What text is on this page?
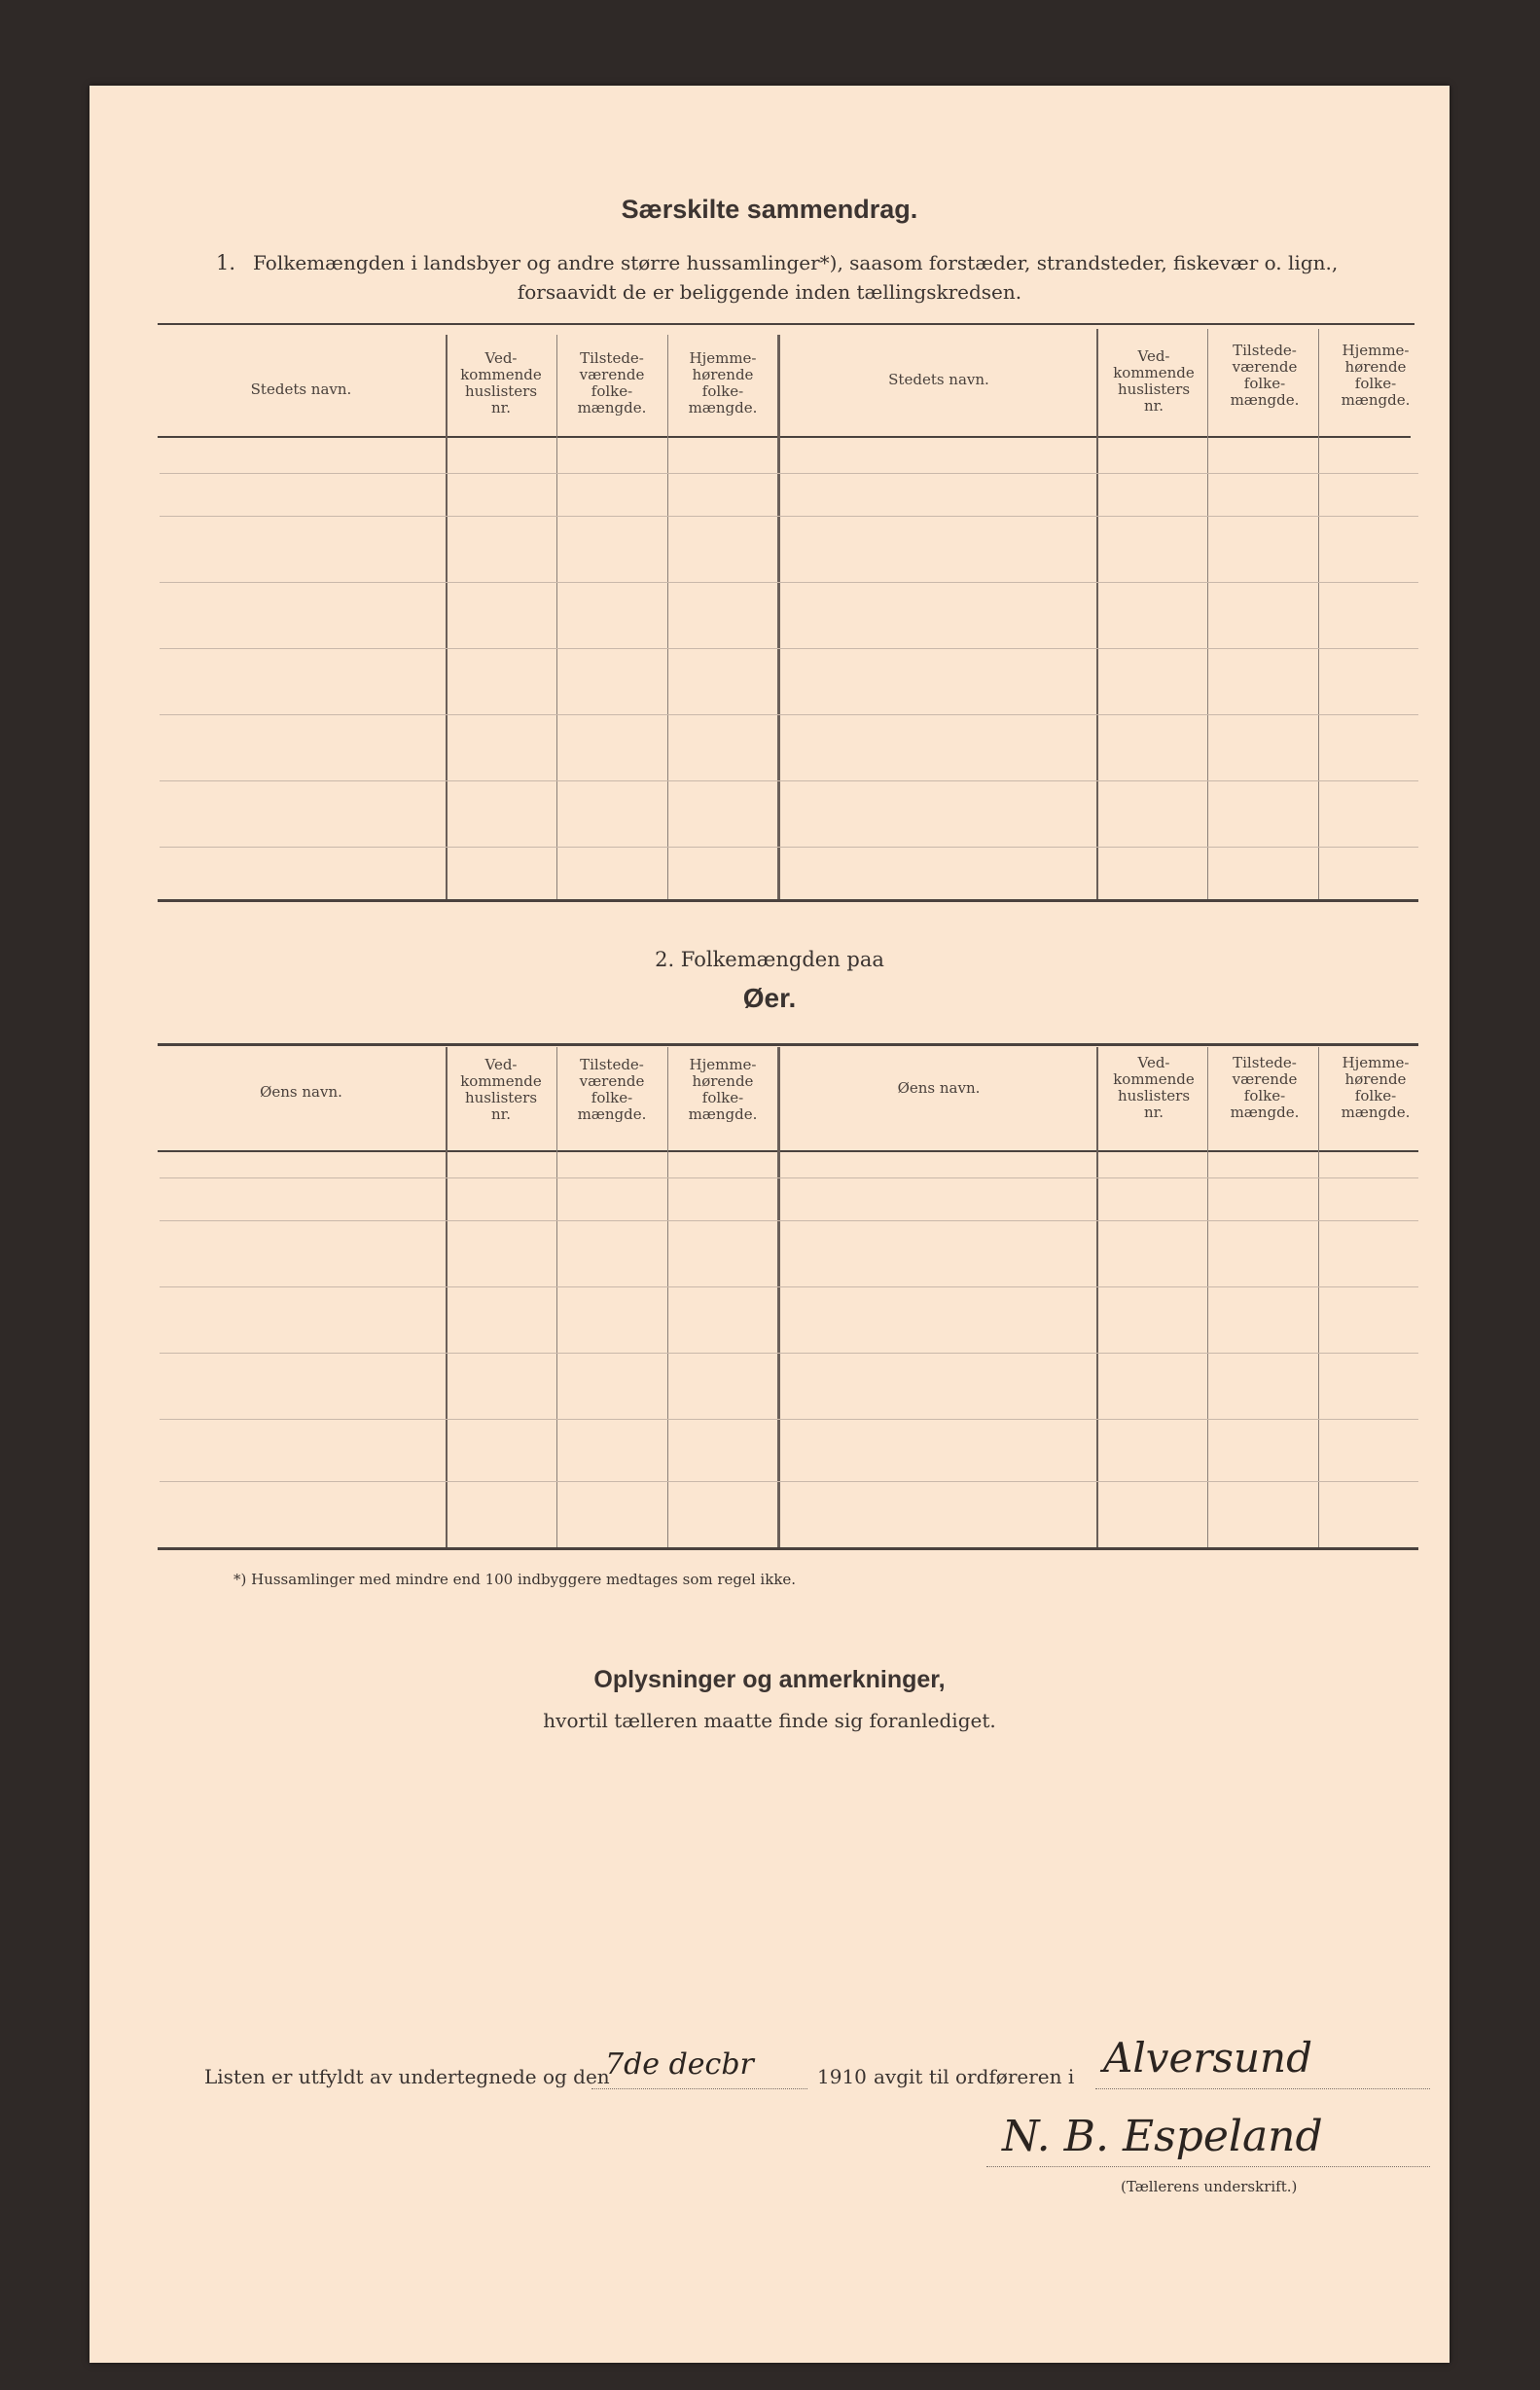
Særskilte sammendrag.
1. Folkemængden i landsbyer og andre større hussamlinger*), saasom forstæder, strandsteder, fiskevær o. lign.,
forsaavidt de er beliggende inden tællingskredsen.
Stedets navn.
Ved-
kommende
huslisters
nr.
Tilstede-
værende
folke-
mængde.
Hjemme-
hørende
folke-
mængde.
Stedets navn.
Ved-
kommende
huslisters
nr.
Tilstede-
værende
folke-
mængde.
Hjemme-
hørende
folke-
mængde.
2. Folkemængden paa
Øer.
Øens navn.
Ved-
kommende
huslisters
nr.
Tilstede-
værende
folke-
mængde.
Hjemme-
hørende
folke-
mængde.
Øens navn.
Ved-
kommende
huslisters
nr.
Tilstede-
værende
folke-
mængde.
Hjemme-
hørende
folke-
mængde.
*) Hussamlinger med mindre end 100 indbyggere medtages som regel ikke.
Oplysninger og anmerkninger,
hvortil tælleren maatte finde sig foranlediget.
Listen er utfyldt av undertegnede og den
7de decbr	1910 avgit til ordføreren i Alversund
N. B. Espeland
(Tællerens underskrift.)
